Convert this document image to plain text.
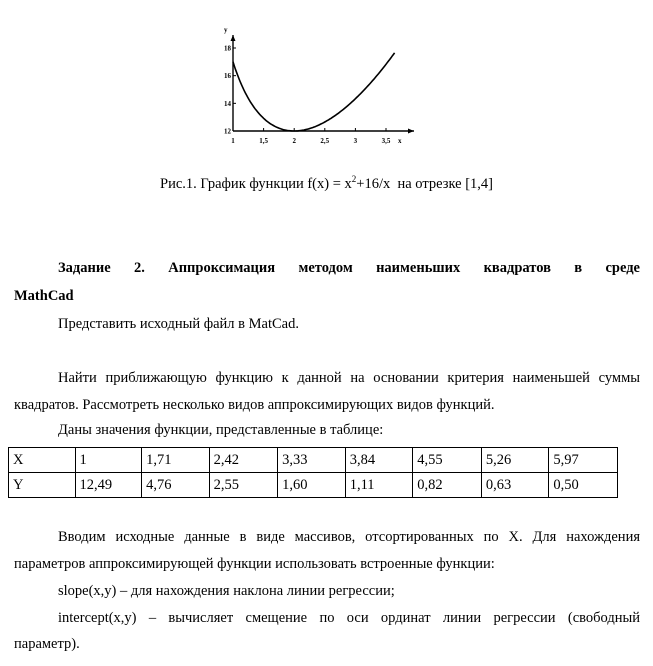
x
y
1	1,5	2	2,5	3	3,5
12
14
16
18
Рис.1. График функции $f(x) = x^2+16/x$  на отрезке [1,4]
Задание 2. Аппроксимация методом наименьших квадратов в среде
MathCad
Представить исходный файл в MatCad.
Найти приближающую функцию к данной на основании критерия наименьшей суммы
квадратов. Рассмотреть несколько видов аппроксимирующих видов функций.
Даны значения функции, представленные в таблице:
X	1	1,71	2,42	3,33	3,84	4,55	5,26	5,97
Y	12,49	4,76	2,55	1,60	1,11	0,82	0,63	0,50
Вводим исходные данные в виде массивов, отсортированных по X. Для нахождения
параметров аппроксимирующей функции использовать встроенные функции:
slope(x,y) – для нахождения наклона линии регрессии;
intercept(x,y) – вычисляет смещение по оси ординат линии регрессии (свободный
параметр).
